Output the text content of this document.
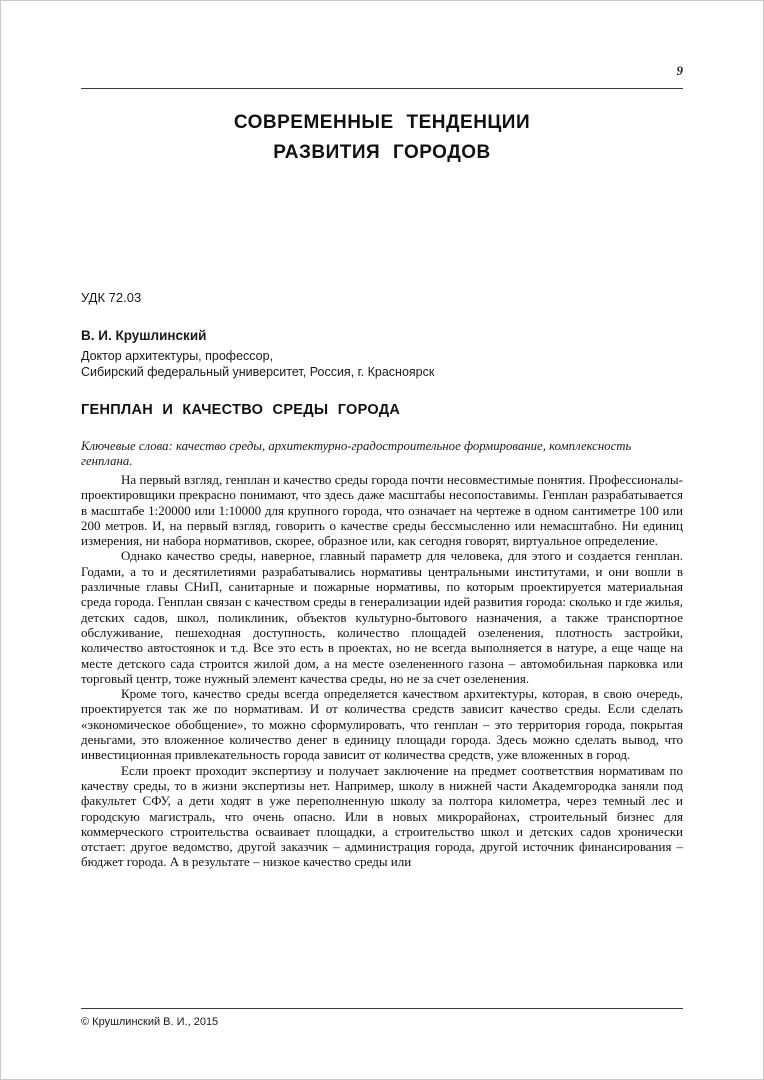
9
СОВРЕМЕННЫЕ ТЕНДЕНЦИИ
РАЗВИТИЯ ГОРОДОВ
УДК 72.03

В. И. Крушлинский

Доктор архитектуры, профессор,

Сибирский федеральный университет, Россия, г. Красноярск

ГЕНПЛАН И КАЧЕСТВО СРЕДЫ ГОРОДА
Ключевые слова: качество среды, архитектурно-градостроительное формирование, комплексность генплана.

На первый взгляд, генплан и качество среды города почти несовместимые понятия. Профессионалы-проектировщики прекрасно понимают, что здесь даже масштабы несопоставимы. Генплан разрабатывается в масштабе 1:20000 или 1:10000 для крупного города, что означает на чертеже в одном сантиметре 100 или 200 метров. И, на первый взгляд, говорить о качестве среды бессмысленно или немасштабно. Ни единиц измерения, ни набора нормативов, скорее, образное или, как сегодня говорят, виртуальное определение.

Однако качество среды, наверное, главный параметр для человека, для этого и создается генплан. Годами, а то и десятилетиями разрабатывались нормативы центральными институтами, и они вошли в различные главы СНиП, санитарные и пожарные нормативы, по которым проектируется материальная среда города. Генплан связан с качеством среды в генерализации идей развития города: сколько и где жилья, детских садов, школ, поликлиник, объектов культурно-бытового назначения, а также транспортное обслуживание, пешеходная доступность, количество площадей озеленения, плотность застройки, количество автостоянок и т.д. Все это есть в проектах, но не всегда выполняется в натуре, а еще чаще на месте детского сада строится жилой дом, а на месте озелененного газона – автомобильная парковка или торговый центр, тоже нужный элемент качества среды, но не за счет озеленения.

Кроме того, качество среды всегда определяется качеством архитектуры, которая, в свою очередь, проектируется так же по нормативам. И от количества средств зависит качество среды. Если сделать «экономическое обобщение», то можно сформулировать, что генплан – это территория города, покрытая деньгами, это вложенное количество денег в единицу площади города. Здесь можно сделать вывод, что инвестиционная привлекательность города зависит от количества средств, уже вложенных в город.

Если проект проходит экспертизу и получает заключение на предмет соответствия нормативам по качеству среды, то в жизни экспертизы нет. Например, школу в нижней части Академгородка заняли под факультет СФУ, а дети ходят в уже переполненную школу за полтора километра, через темный лес и городскую магистраль, что очень опасно. Или в новых микрорайонах, строительный бизнес для коммерческого строительства осваивает площадки, а строительство школ и детских садов хронически отстает: другое ведомство, другой заказчик – администрация города, другой источник финансирования – бюджет города. А в результате – низкое качество среды или

© Крушлинский В. И., 2015
